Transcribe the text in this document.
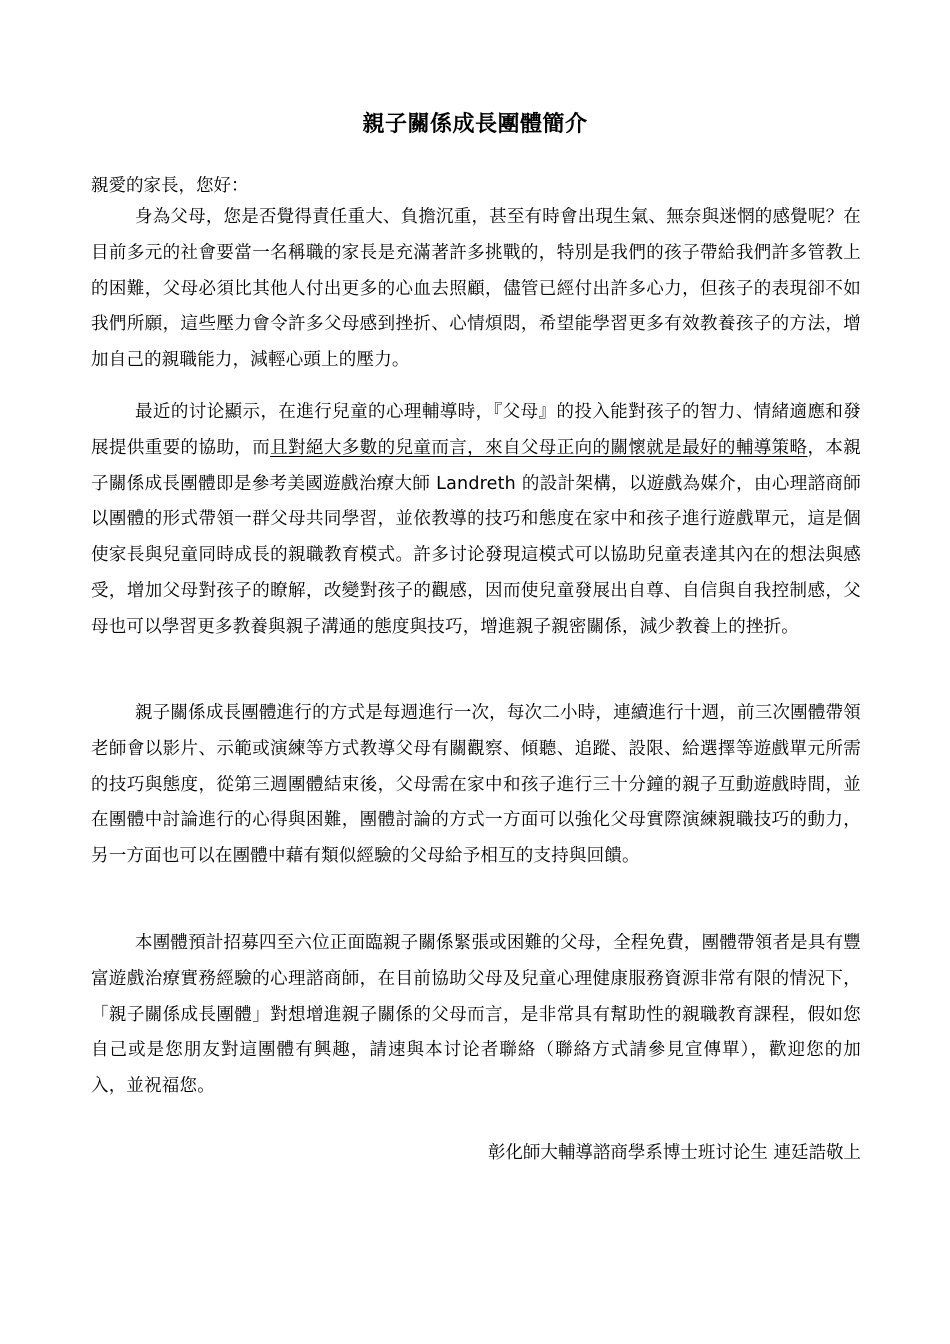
親子關係成長團體簡介
親愛的家長，您好：
身為父母，您是否覺得責任重大、負擔沉重，甚至有時會出現生氣、無奈與迷惘的感覺呢？在目前多元的社會要當一名稱職的家長是充滿著許多挑戰的，特別是我們的孩子帶給我們許多管教上的困難，父母必須比其他人付出更多的心血去照顧，儘管已經付出許多心力，但孩子的表現卻不如我們所願，這些壓力會令許多父母感到挫折、心情煩悶，希望能學習更多有效教養孩子的方法，增加自己的親職能力，減輕心頭上的壓力。
最近的讨论顯示，在進行兒童的心理輔導時，『父母』的投入能對孩子的智力、情緒適應和發展提供重要的協助，而且對絕大多數的兒童而言，來自父母正向的關懷就是最好的輔導策略，本親子關係成長團體即是參考美國遊戲治療大師 Landreth 的設計架構，以遊戲為媒介，由心理諮商師以團體的形式帶領一群父母共同學習，並依教導的技巧和態度在家中和孩子進行遊戲單元，這是個使家長與兒童同時成長的親職教育模式。許多讨论發現這模式可以協助兒童表達其內在的想法與感受，增加父母對孩子的瞭解，改變對孩子的觀感，因而使兒童發展出自尊、自信與自我控制感，父母也可以學習更多教養與親子溝通的態度與技巧，增進親子親密關係，減少教養上的挫折。
親子關係成長團體進行的方式是每週進行一次，每次二小時，連續進行十週，前三次團體帶領老師會以影片、示範或演練等方式教導父母有關觀察、傾聽、追蹤、設限、給選擇等遊戲單元所需的技巧與態度，從第三週團體結束後，父母需在家中和孩子進行三十分鐘的親子互動遊戲時間，並在團體中討論進行的心得與困難，團體討論的方式一方面可以強化父母實際演練親職技巧的動力，另一方面也可以在團體中藉有類似經驗的父母給予相互的支持與回饋。
本團體預計招募四至六位正面臨親子關係緊張或困難的父母，全程免費，團體帶領者是具有豐富遊戲治療實務經驗的心理諮商師，在目前協助父母及兒童心理健康服務資源非常有限的情況下，「親子關係成長團體」對想增進親子關係的父母而言，是非常具有幫助性的親職教育課程，假如您自己或是您朋友對這團體有興趣，請速與本讨论者聯絡（聯絡方式請參見宣傳單），歡迎您的加入，並祝福您。
彰化師大輔導諮商學系博士班讨论生 連廷誥敬上
